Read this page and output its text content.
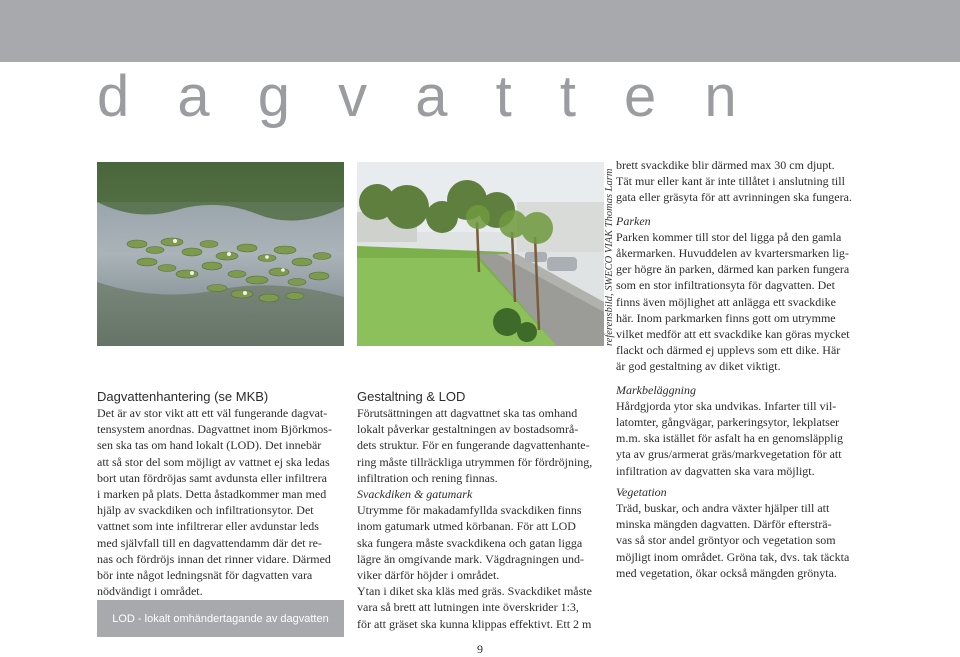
d a g v a t t e n
referensbild, SWECO VIAK Thomas Larm

Dagvattenhantering (se MKB)

Det är av stor vikt att ett väl fungerande dagvat-
tensystem anordnas. Dagvattnet inom Björkmos-
sen ska tas om hand lokalt (LOD). Det innebär
att så stor del som möjligt av vattnet ej ska ledas
bort utan fördröjas samt avdunsta eller infiltrera
i marken på plats. Detta åstadkommer man med
hjälp av svackdiken och infiltrationsytor. Det
vattnet som inte infiltrerar eller avdunstar leds
med självfall till en dagvattendamm där det re-
nas och fördröjs innan det rinner vidare. Därmed
bör inte något ledningsnät för dagvatten vara
nödvändigt i området.

LOD - lokalt omhändertagande av dagvatten

Gestaltning & LOD

Förutsättningen att dagvattnet ska tas omhand
lokalt påverkar gestaltningen av bostadsområ-
dets struktur. För en fungerande dagvattenhante-
ring måste tillräckliga utrymmen för fördröjning,
infiltration och rening finnas.

Svackdiken & gatumark

Utrymme för makadamfyllda svackdiken finns
inom gatumark utmed körbanan. För att LOD
ska fungera måste svackdikena och gatan ligga
lägre än omgivande mark. Vägdragningen und-
viker därför höjder i området.
Ytan i diket ska kläs med gräs. Svackdiket måste
vara så brett att lutningen inte överskrider 1:3,
för att gräset ska kunna klippas effektivt. Ett 2 m

brett svackdike blir därmed max 30 cm djupt.
Tät mur eller kant är inte tillåtet i anslutning till
gata eller gräsyta för att avrinningen ska fungera.

Parken

Parken kommer till stor del ligga på den gamla
åkermarken. Huvuddelen av kvartersmarken lig-
ger högre än parken, därmed kan parken fungera
som en stor infiltrationsyta för dagvatten. Det
finns även möjlighet att anlägga ett svackdike
här. Inom parkmarken finns gott om utrymme
vilket medför att ett svackdike kan göras mycket
flackt och därmed ej upplevs som ett dike. Här
är god gestaltning av diket viktigt.

Markbeläggning

Hårdgjorda ytor ska undvikas. Infarter till vil-
latomter, gångvägar, parkeringsytor, lekplatser
m.m. ska istället för asfalt ha en genomsläpplig
yta av grus/armerat gräs/markvegetation för att
infiltration av dagvatten ska vara möjligt.

Vegetation

Träd, buskar, och andra växter hjälper till att
minska mängden dagvatten. Därför eftersträ-
vas så stor andel gröntyor och vegetation som
möjligt inom området. Gröna tak, dvs. tak täckta
med vegetation, ökar också mängden grönyta.

9
